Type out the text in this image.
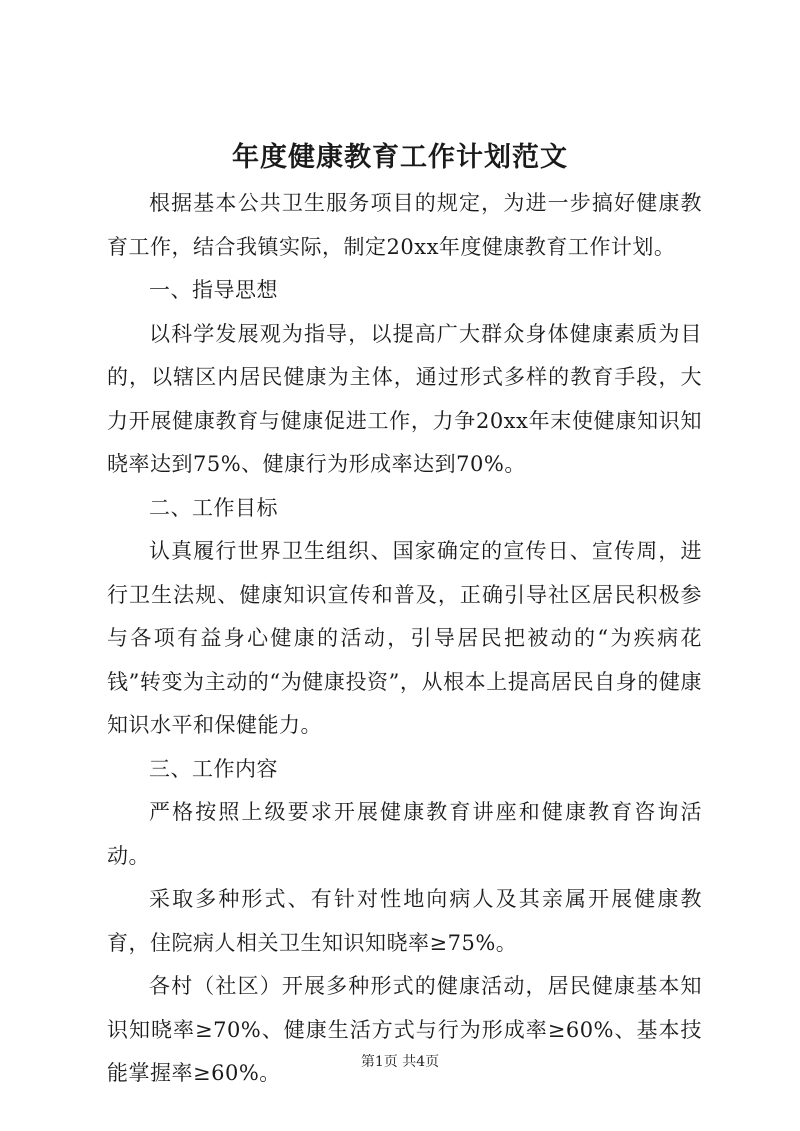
年度健康教育工作计划范文

根据基本公共卫生服务项目的规定，为进一步搞好健康教育工作，结合我镇实际，制定20xx年度健康教育工作计划。

一、指导思想

以科学发展观为指导，以提高广大群众身体健康素质为目的，以辖区内居民健康为主体，通过形式多样的教育手段，大力开展健康教育与健康促进工作，力争20xx年末使健康知识知晓率达到75%、健康行为形成率达到70%。

二、工作目标

认真履行世界卫生组织、国家确定的宣传日、宣传周，进行卫生法规、健康知识宣传和普及，正确引导社区居民积极参与各项有益身心健康的活动，引导居民把被动的“为疾病花钱”转变为主动的“为健康投资”，从根本上提高居民自身的健康知识水平和保健能力。

三、工作内容

严格按照上级要求开展健康教育讲座和健康教育咨询活动。

采取多种形式、有针对性地向病人及其亲属开展健康教育，住院病人相关卫生知识知晓率≥75%。

各村（社区）开展多种形式的健康活动，居民健康基本知识知晓率≥70%、健康生活方式与行为形成率≥60%、基本技能掌握率≥60%。	第1页 共4页
